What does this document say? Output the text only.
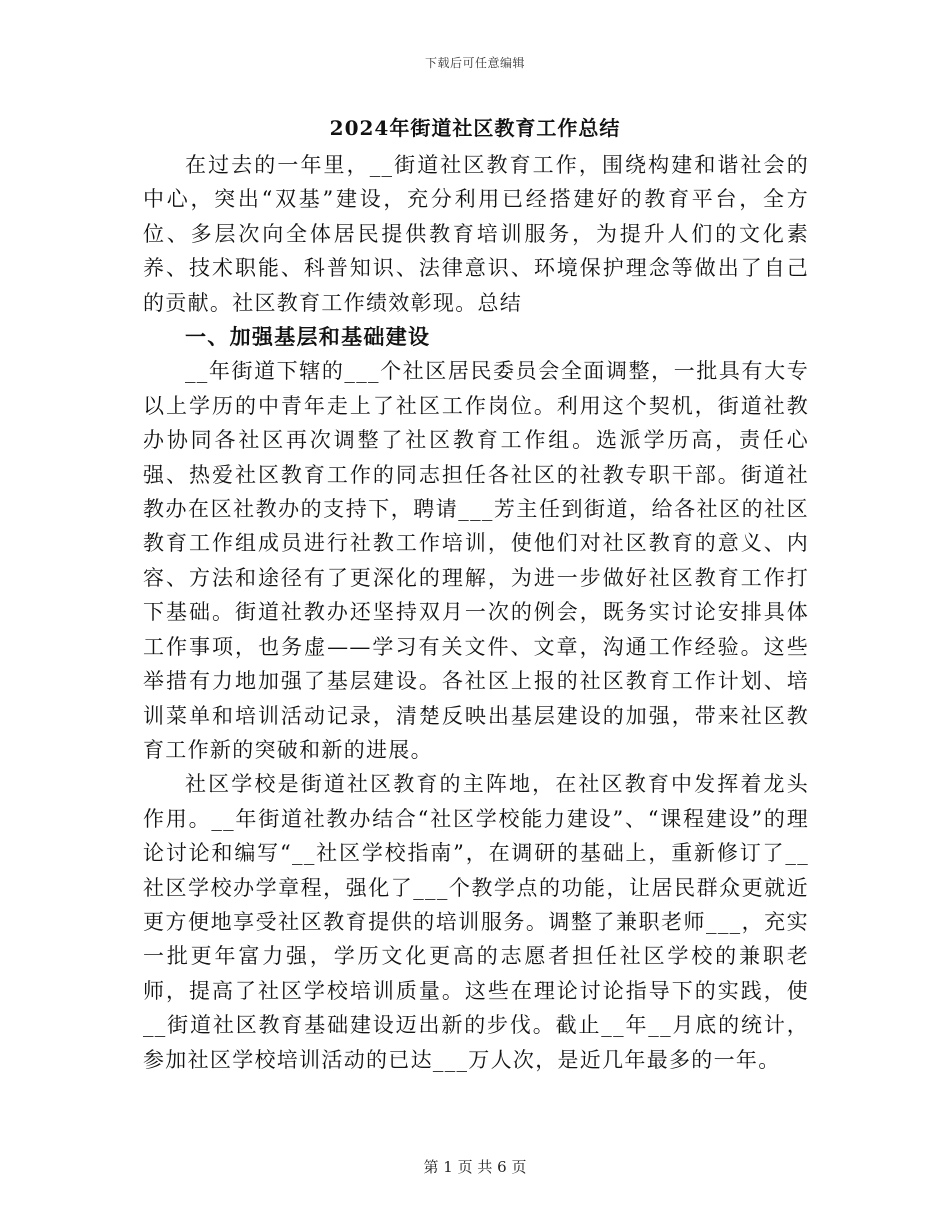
下载后可任意编辑
2024年街道社区教育工作总结

在过去的一年里，__街道社区教育工作，围绕构建和谐社会的中心，突出“双基”建设，充分利用已经搭建好的教育平台，全方位、多层次向全体居民提供教育培训服务，为提升人们的文化素养、技术职能、科普知识、法律意识、环境保护理念等做出了自己的贡献。社区教育工作绩效彰现。总结

一、加强基层和基础建设

__年街道下辖的___个社区居民委员会全面调整，一批具有大专以上学历的中青年走上了社区工作岗位。利用这个契机，街道社教办协同各社区再次调整了社区教育工作组。选派学历高，责任心强、热爱社区教育工作的同志担任各社区的社教专职干部。街道社教办在区社教办的支持下，聘请___芳主任到街道，给各社区的社区教育工作组成员进行社教工作培训，使他们对社区教育的意义、内容、方法和途径有了更深化的理解，为进一步做好社区教育工作打下基础。街道社教办还坚持双月一次的例会，既务实讨论安排具体工作事项，也务虚——学习有关文件、文章，沟通工作经验。这些举措有力地加强了基层建设。各社区上报的社区教育工作计划、培训菜单和培训活动记录，清楚反映出基层建设的加强，带来社区教育工作新的突破和新的进展。

社区学校是街道社区教育的主阵地，在社区教育中发挥着龙头作用。__年街道社教办结合“社区学校能力建设”、“课程建设”的理论讨论和编写“__社区学校指南”，在调研的基础上，重新修订了__社区学校办学章程，强化了___个教学点的功能，让居民群众更就近更方便地享受社区教育提供的培训服务。调整了兼职老师___，充实一批更年富力强，学历文化更高的志愿者担任社区学校的兼职老师，提高了社区学校培训质量。这些在理论讨论指导下的实践，使__街道社区教育基础建设迈出新的步伐。截止__年__月底的统计，参加社区学校培训活动的已达___万人次，是近几年最多的一年。

第 1 页 共 6 页
